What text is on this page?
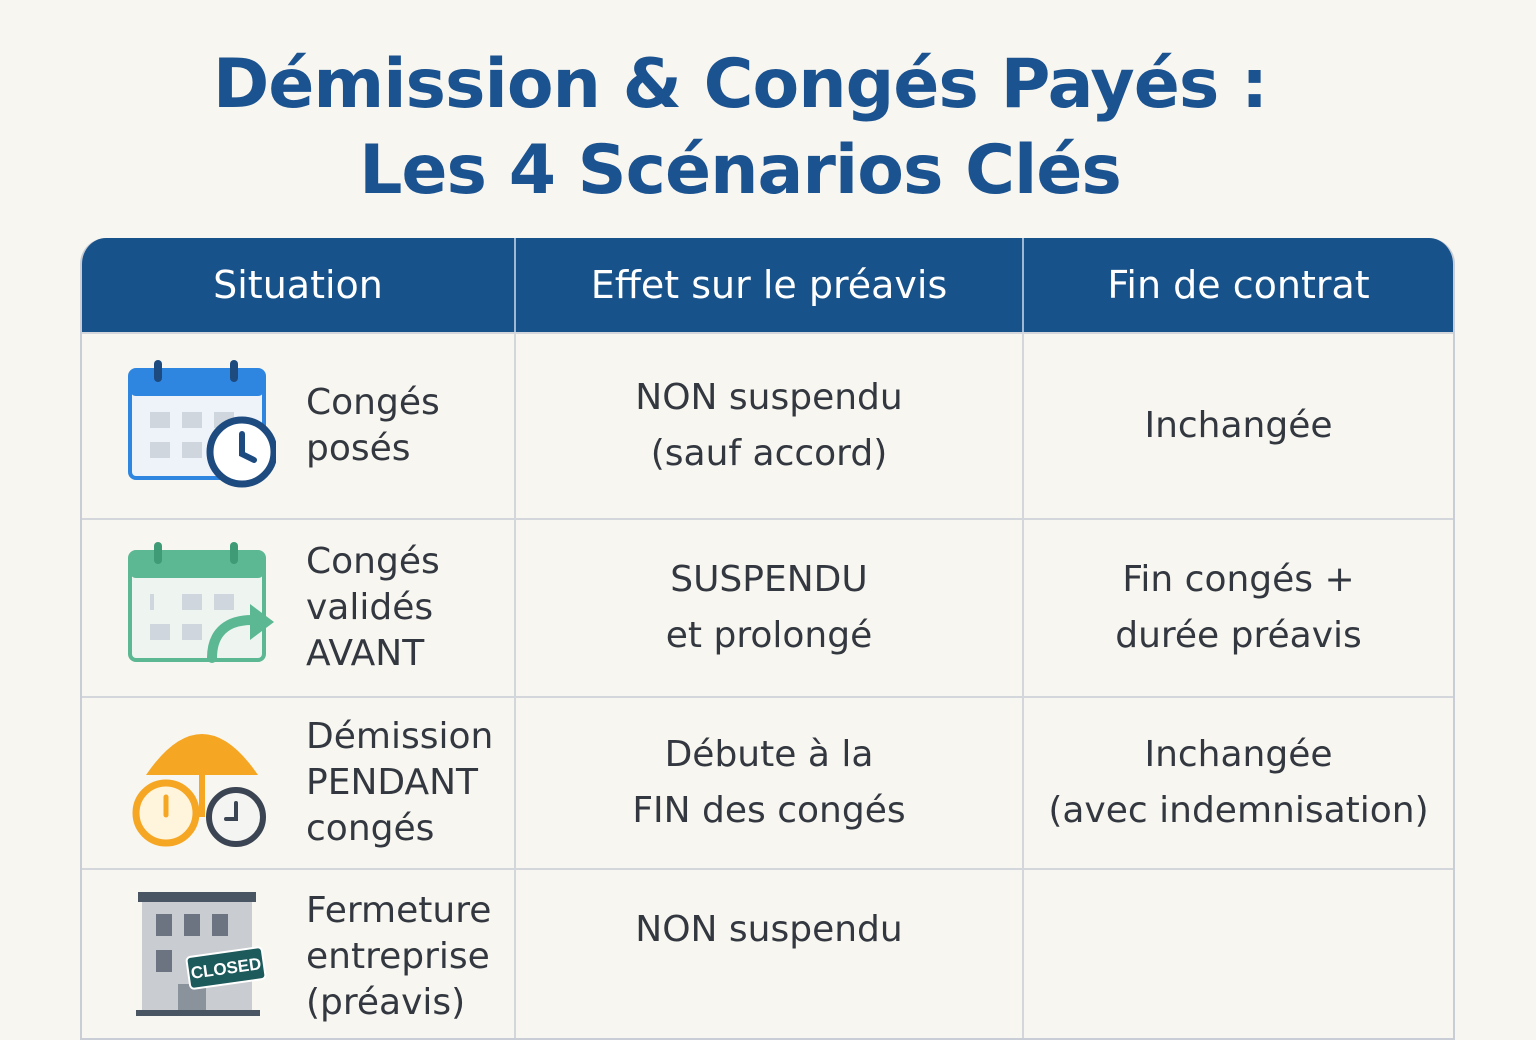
Démission & Congés Payés :
Les 4 Scénarios Clés
Situation	Effet sur le préavis	Fin de contrat
Congés
posés
NON suspendu
(sauf accord)
Inchangée
Congés
validés
AVANT
SUSPENDU
et prolongé
Fin congés +
durée préavis
Démission
PENDANT
congés
Débute à la
FIN des congés
Inchangée
(avec indemnisation)
CLOSED
Fermeture
entreprise
(préavis)
NON suspendu
